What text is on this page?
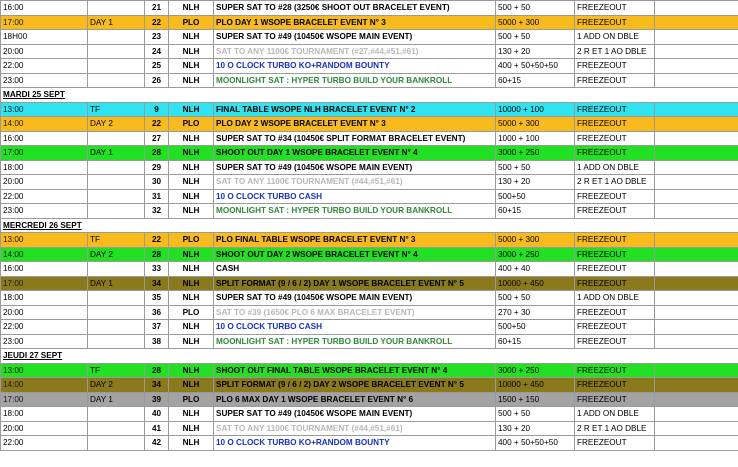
16:00		21	NLH	SUPER SAT TO #28 (3250€ SHOOT OUT BRACELET EVENT)	500 + 50	FREEZEOUT	
17:00	DAY 1	22	PLO	PLO DAY 1 WSOPE BRACELET EVENT N° 3	5000 + 300	FREEZEOUT	
18H00		23	NLH	SUPER SAT TO #49 (10450€ WSOPE MAIN EVENT)	500 + 50	1 ADD ON DBLE	
20:00		24	NLH	SAT TO ANY 1100€ TOURNAMENT (#27,#44,#51,#61)	130 + 20	2 R ET 1 AO DBLE	
22:00		25	NLH	10 O CLOCK TURBO KO+RANDOM BOUNTY	400 + 50+50+50	FREEZEOUT	
23:00		26	NLH	MOONLIGHT SAT : HYPER TURBO BUILD YOUR BANKROLL	60+15	FREEZEOUT	
MARDI 25 SEPT							
13:00	TF	9	NLH	FINAL TABLE WSOPE NLH BRACELET EVENT N° 2	10000 + 100	FREEZEOUT	
14:00	DAY 2	22	PLO	PLO DAY 2 WSOPE BRACELET EVENT N° 3	5000 + 300	FREEZEOUT	
16:00		27	NLH	SUPER SAT TO #34 (10450€ SPLIT FORMAT BRACELET EVENT)	1000 + 100	FREEZEOUT	
17:00	DAY 1	28	NLH	SHOOT OUT DAY 1 WSOPE BRACELET EVENT N° 4	3000 + 250	FREEZEOUT	
18:00		29	NLH	SUPER SAT TO #49 (10450€ WSOPE MAIN EVENT)	500 + 50	1 ADD ON DBLE	
20:00		30	NLH	SAT TO ANY 1100€ TOURNAMENT (#44,#51,#61)	130 + 20	2 R ET 1 AO DBLE	
22:00		31	NLH	10 O CLOCK TURBO CASH	500+50	FREEZEOUT	
23:00		32	NLH	MOONLIGHT SAT : HYPER TURBO BUILD YOUR BANKROLL	60+15	FREEZEOUT	
MERCREDI 26 SEPT							
13:00	TF	22	PLO	PLO FINAL TABLE WSOPE BRACELET EVENT N° 3	5000 + 300	FREEZEOUT	
14:00	DAY 2	28	NLH	SHOOT OUT DAY 2 WSOPE BRACELET EVENT N° 4	3000 + 250	FREEZEOUT	
16:00		33	NLH	CASH	400 + 40	FREEZEOUT	
17:00	DAY 1	34	NLH	SPLIT FORMAT (9 / 6 / 2) DAY 1 WSOPE BRACELET EVENT N° 5	10000 + 450	FREEZEOUT	
18:00		35	NLH	SUPER SAT TO #49 (10450€ WSOPE MAIN EVENT)	500 + 50	1 ADD ON DBLE	
20:00		36	PLO	SAT TO #39 (1650€ PLO 6 MAX BRACELET EVENT)	270 + 30	FREEZEOUT	
22:00		37	NLH	10 O CLOCK TURBO CASH	500+50	FREEZEOUT	
23:00		38	NLH	MOONLIGHT SAT : HYPER TURBO BUILD YOUR BANKROLL	60+15	FREEZEOUT	
JEUDI 27 SEPT							
13:00	TF	28	NLH	SHOOT OUT FINAL TABLE WSOPE BRACELET EVENT N° 4	3000 + 250	FREEZEOUT	
14:00	DAY 2	34	NLH	SPLIT FORMAT (9 / 6 / 2) DAY 2 WSOPE BRACELET EVENT N° 5	10000 + 450	FREEZEOUT	
17:00	DAY 1	39	PLO	PLO 6 MAX DAY 1 WSOPE BRACELET EVENT N° 6	1500 + 150	FREEZEOUT	
18:00		40	NLH	SUPER SAT TO #49 (10450€ WSOPE MAIN EVENT)	500 + 50	1 ADD ON DBLE	
20:00		41	NLH	SAT TO ANY 1100€ TOURNAMENT (#44,#51,#61)	130 + 20	2 R ET 1 AO DBLE	
22:00		42	NLH	10 O CLOCK TURBO KO+RANDOM BOUNTY	400 + 50+50+50	FREEZEOUT	
